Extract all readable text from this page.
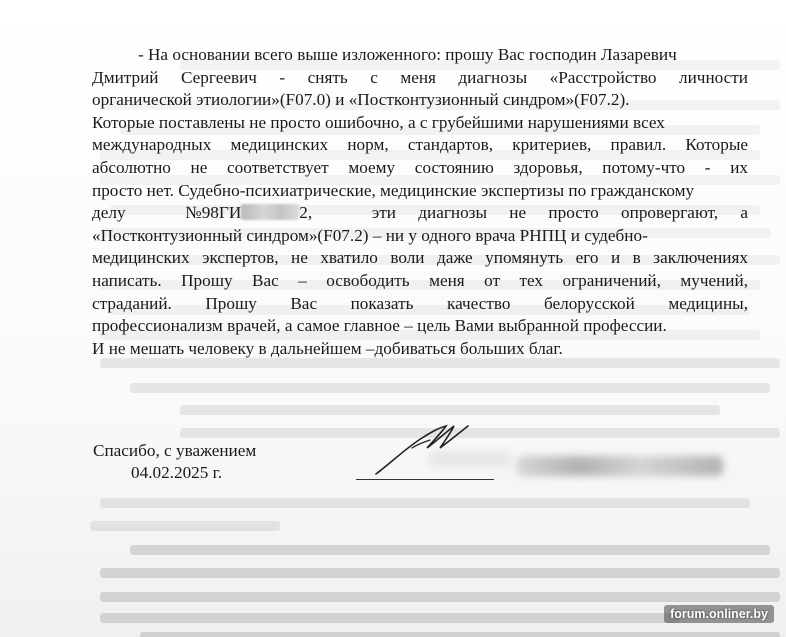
- На основании всего выше изложенного: прошу Вас господин Лазаревич
Дмитрий Сергеевич - снять с меня диагнозы «Расстройство личности
органической этиологии»(F07.0) и «Постконтузионный синдром»(F07.2).
Которые поставлены не просто ошибочно, а с грубейшими нарушениями всех
международных медицинских норм, стандартов, критериев, правил. Которые
абсолютно не соответствует моему состоянию здоровья, потому-что - их
просто нет. Судебно-психиатрические, медицинские экспертизы по гражданскому
делу	№98ГИ	2,	эти диагнозы не просто опровергают, а
«Постконтузионный синдром»(F07.2) – ни у одного врача РНПЦ и судебно-
медицинских экспертов, не хватило воли даже упомянуть его и в заключениях
написать. Прошу Вас – освободить меня от тех ограничений, мучений,
страданий. Прошу Вас показать качество белорусской медицины,
профессионализм врачей, а самое главное – цель Вами выбранной профессии.
И не мешать человеку в дальнейшем –добиваться больших благ.
Спасибо, с уважением
04.02.2025 г.
forum.onliner.by
